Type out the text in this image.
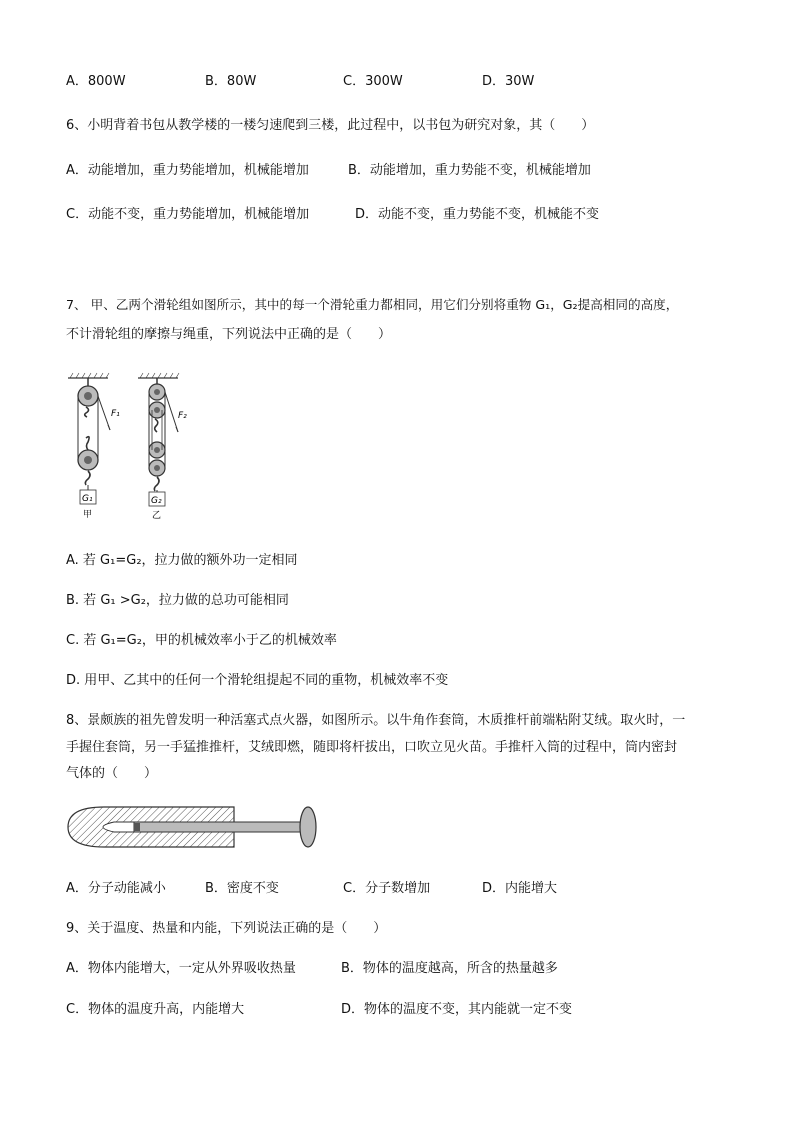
A．800W	B．80W	C．300W	D．30W
6、小明背着书包从教学楼的一楼匀速爬到三楼，此过程中，以书包为研究对象，其（　　）
A．动能增加，重力势能增加，机械能增加	B．动能增加，重力势能不变，机械能增加
C．动能不变，重力势能增加，机械能增加	D．动能不变，重力势能不变，机械能不变
7、 甲、乙两个滑轮组如图所示，其中的每一个滑轮重力都相同，用它们分别将重物 G₁，G₂提高相同的高度，
不计滑轮组的摩擦与绳重，下列说法中正确的是（　　）
F₁
G₁
甲
F₂
G₂
乙
A. 若 G₁=G₂，拉力做的额外功一定相同
B. 若 G₁ >G₂，拉力做的总功可能相同
C. 若 G₁=G₂，甲的机械效率小于乙的机械效率
D. 用甲、乙其中的任何一个滑轮组提起不同的重物，机械效率不变
8、景颇族的祖先曾发明一种活塞式点火器，如图所示。以牛角作套筒，木质推杆前端粘附艾绒。取火时，一
手握住套筒，另一手猛推推杆，艾绒即燃，随即将杆拔出，口吹立见火苗。手推杆入筒的过程中，筒内密封
气体的（　　）
A．分子动能减小	B．密度不变	C．分子数增加	D．内能增大
9、关于温度、热量和内能，下列说法正确的是（　　）
A．物体内能增大，一定从外界吸收热量	B．物体的温度越高，所含的热量越多
C．物体的温度升高，内能增大	D．物体的温度不变，其内能就一定不变
